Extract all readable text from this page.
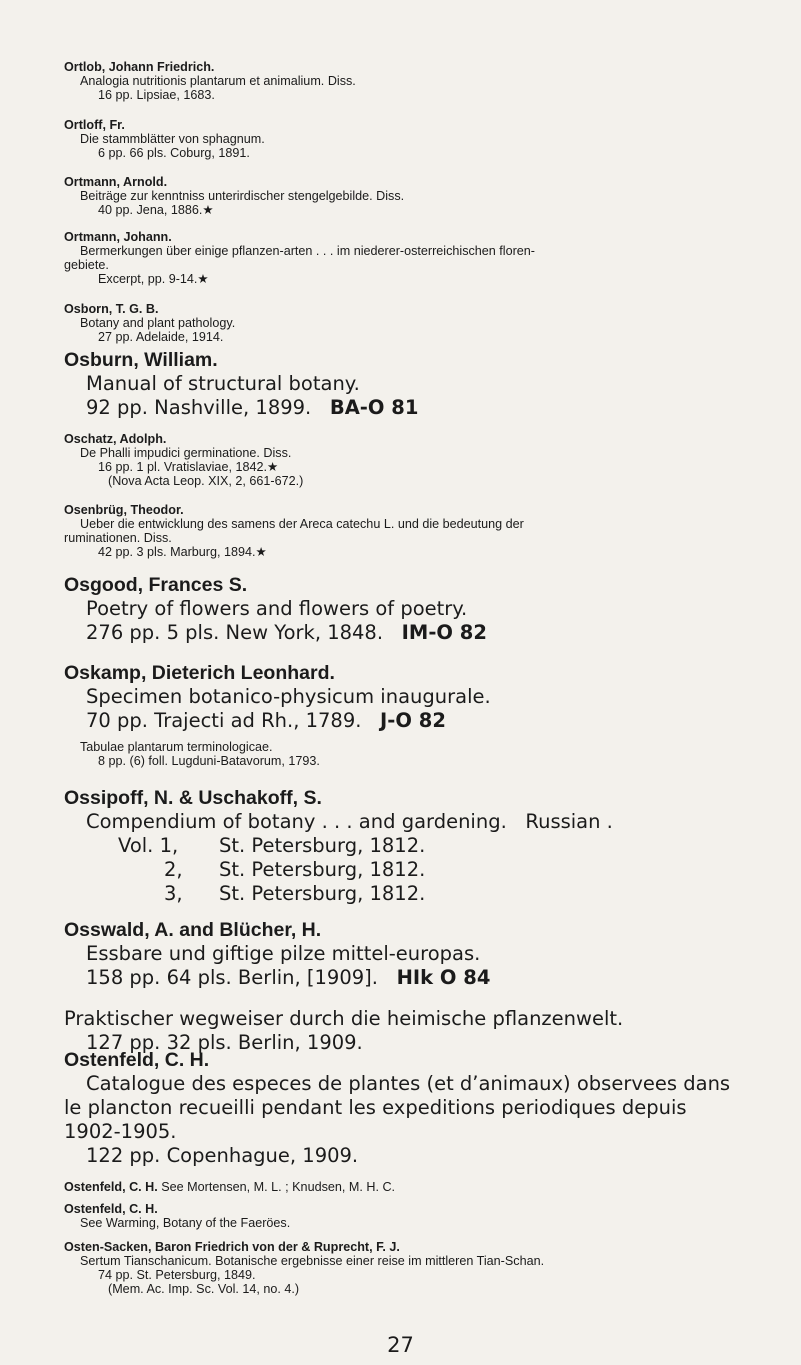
Ortlob, Johann Friedrich.
Analogia nutritionis plantarum et animalium. Diss.
16 pp. Lipsiae, 1683.
Ortloff, Fr.
Die stammblätter von sphagnum.
6 pp. 66 pls. Coburg, 1891.
Ortmann, Arnold.
Beiträge zur kenntniss unterirdischer stengelgebilde. Diss.
40 pp. Jena, 1886.★
Ortmann, Johann.
Bermerkungen über einige pflanzen-arten . . . im niederer-osterreichischen floren-
gebiete.
Excerpt, pp. 9-14.★
Osborn, T. G. B.
Botany and plant pathology.
27 pp. Adelaide, 1914.
Osburn, William.
Manual of structural botany.
92 pp. Nashville, 1899. BA-O 81
Oschatz, Adolph.
De Phalli impudici germinatione. Diss.
16 pp. 1 pl. Vratislaviae, 1842.★
(Nova Acta Leop. XIX, 2, 661-672.)
Osenbrüg, Theodor.
Ueber die entwicklung des samens der Areca catechu L. und die bedeutung der
ruminationen. Diss.
42 pp. 3 pls. Marburg, 1894.★
Osgood, Frances S.
Poetry of flowers and flowers of poetry.
276 pp. 5 pls. New York, 1848. IM-O 82
Oskamp, Dieterich Leonhard.
Specimen botanico-physicum inaugurale.
70 pp. Trajecti ad Rh., 1789. J-O 82
Tabulae plantarum terminologicae.
8 pp. (6) foll. Lugduni-Batavorum, 1793.
Ossipoff, N. & Uschakoff, S.
Compendium of botany . . . and gardening. Russian .
Vol. 1, St. Petersburg, 1812.
2, St. Petersburg, 1812.
3, St. Petersburg, 1812.
Osswald, A. and Blücher, H.
Essbare und giftige pilze mittel-europas.
158 pp. 64 pls. Berlin, [1909]. HIk O 84
Praktischer wegweiser durch die heimische pflanzenwelt.
127 pp. 32 pls. Berlin, 1909.
Ostenfeld, C. H.
Catalogue des especes de plantes (et d’animaux) observees dans
le plancton recueilli pendant les expeditions periodiques depuis
1902-1905.
122 pp. Copenhague, 1909.
Ostenfeld, C. H. See Mortensen, M. L. ; Knudsen, M. H. C.
Ostenfeld, C. H.
See Warming, Botany of the Faeröes.
Osten-Sacken, Baron Friedrich von der & Ruprecht, F. J.
Sertum Tianschanicum. Botanische ergebnisse einer reise im mittleren Tian-Schan.
74 pp. St. Petersburg, 1849.
(Mem. Ac. Imp. Sc. Vol. 14, no. 4.)
27
